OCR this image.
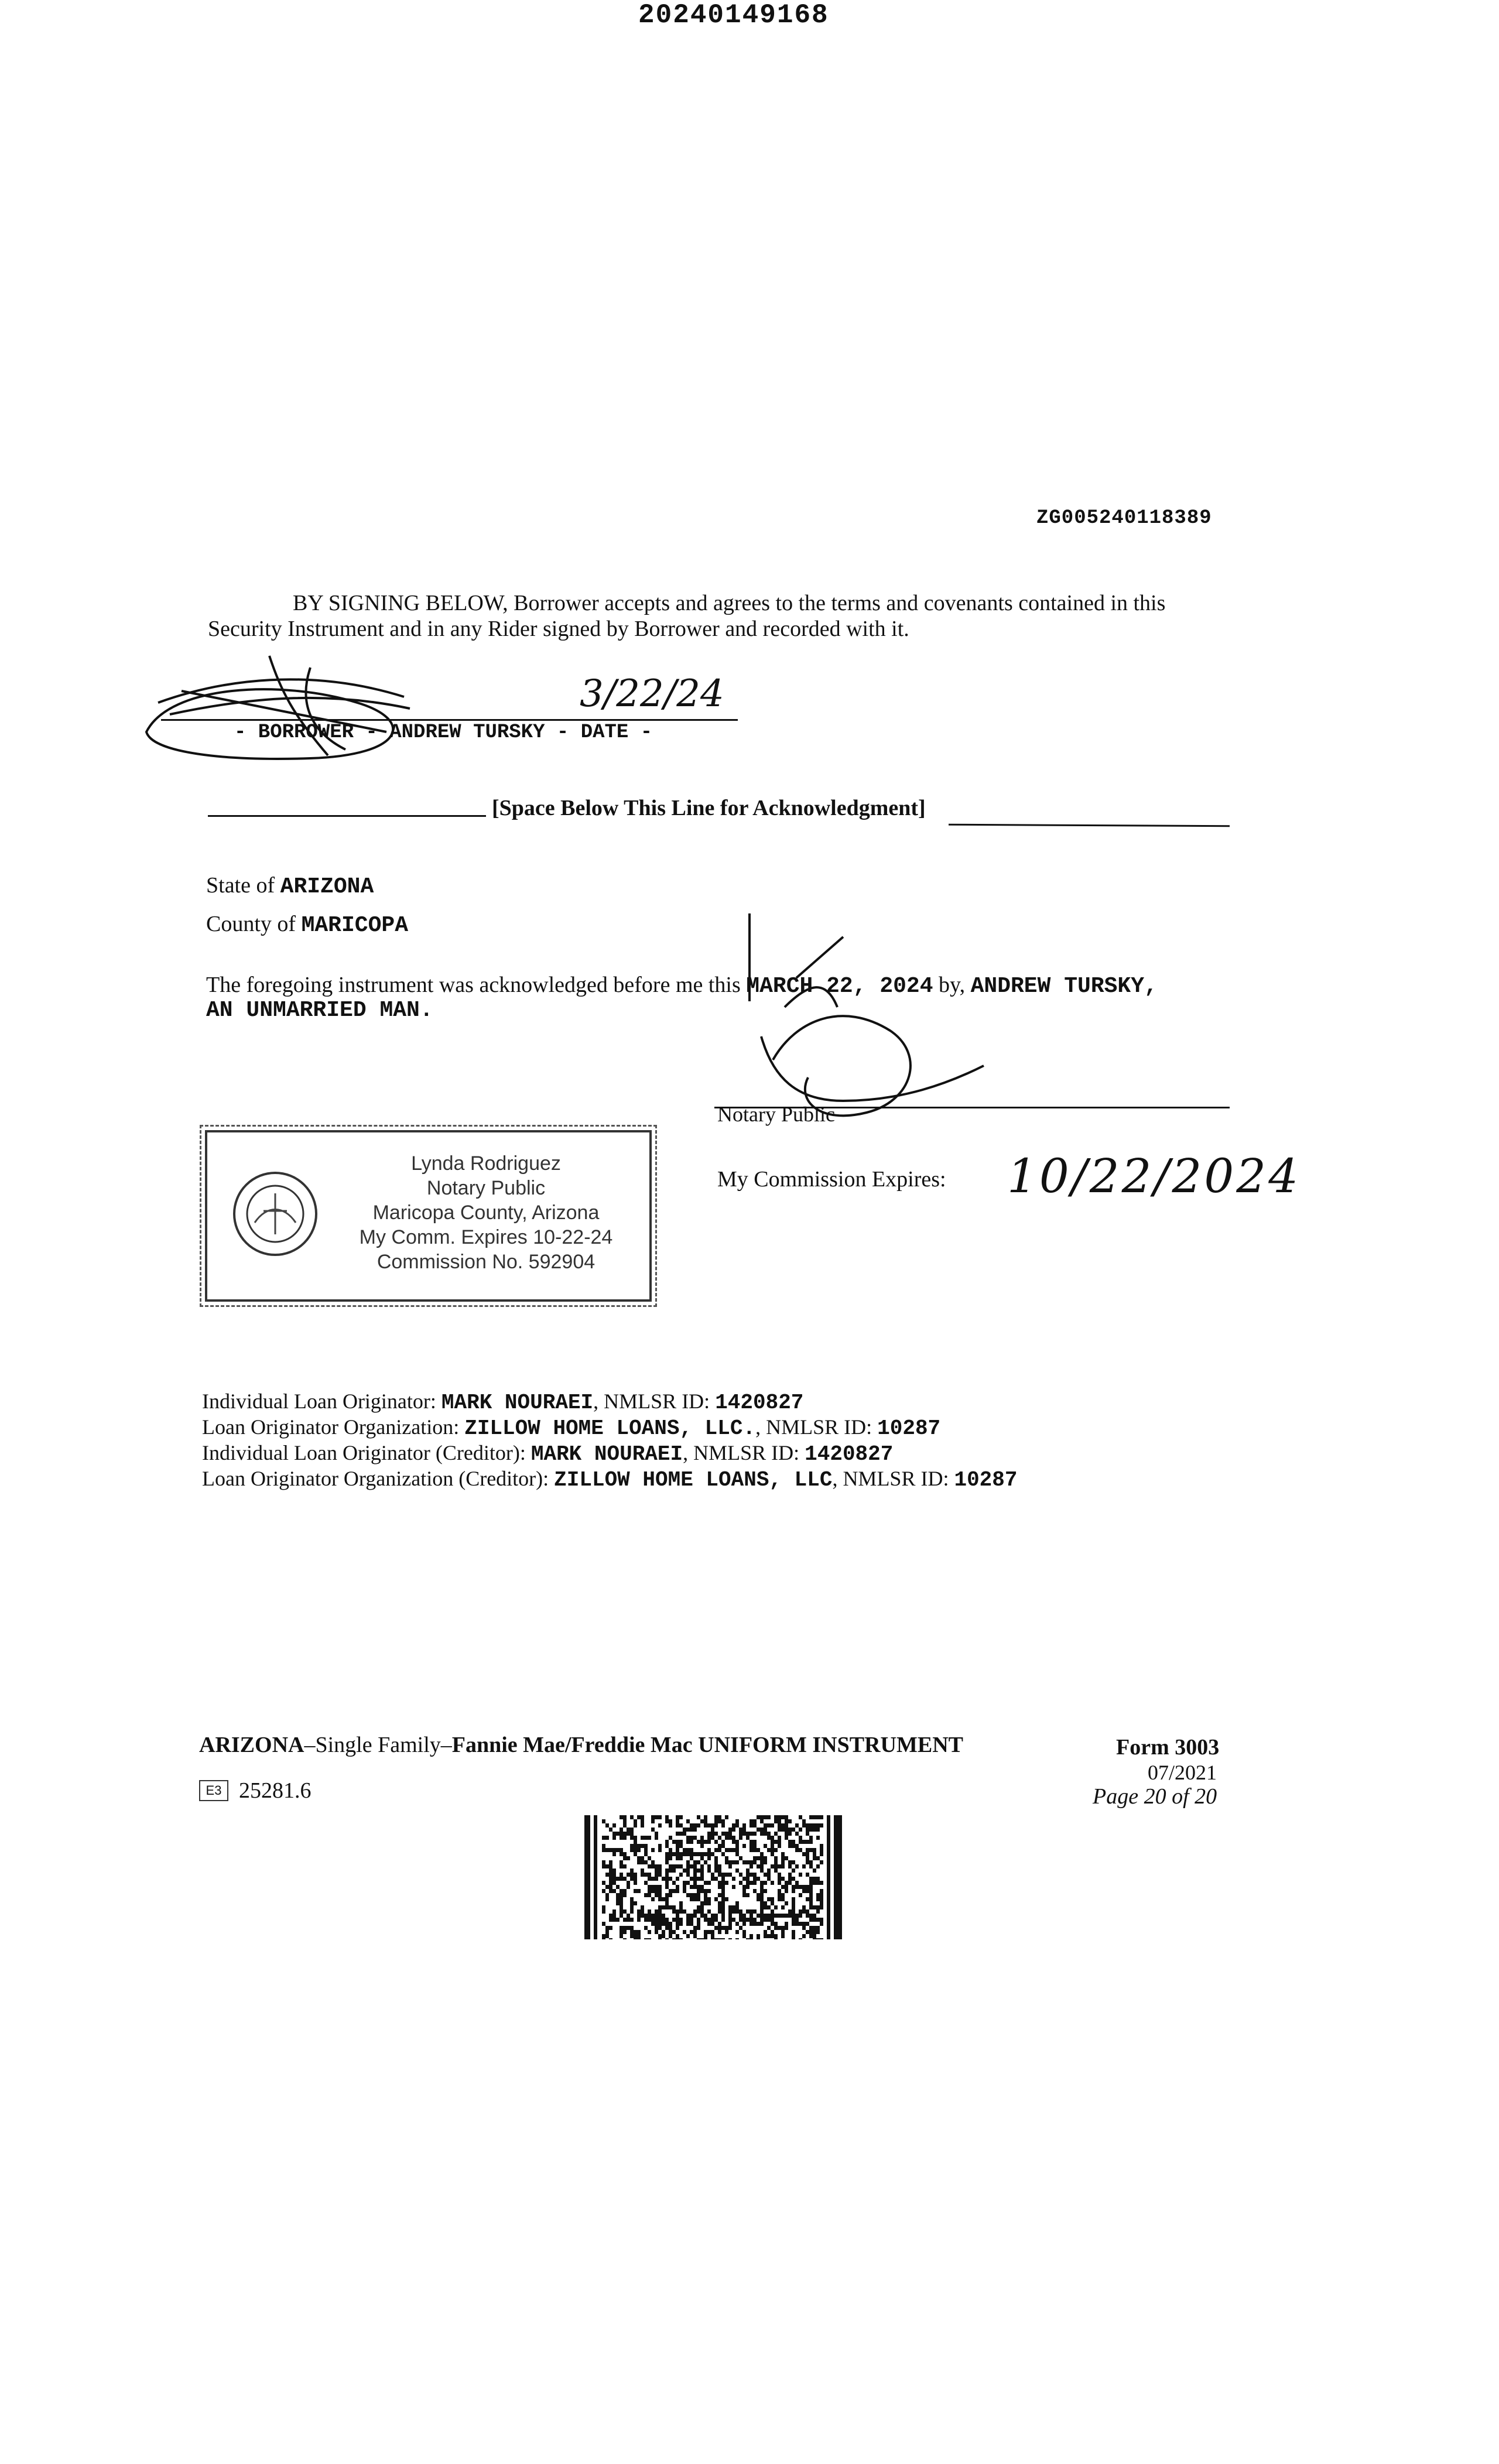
20240149168
ZG005240118389
BY SIGNING BELOW, Borrower accepts and agrees to the terms and covenants contained in this
Security Instrument and in any Rider signed by Borrower and recorded with it.
3/22/24
- BORROWER - ANDREW TURSKY - DATE -
[Space Below This Line for Acknowledgment]
State of ARIZONA
County of MARICOPA
The foregoing instrument was acknowledged before me this MARCH 22, 2024 by, ANDREW TURSKY,
AN UNMARRIED MAN.
Notary Public
My Commission Expires: 10/22/2024
Lynda Rodriguez
Notary Public
Maricopa County, Arizona
My Comm. Expires 10-22-24
Commission No. 592904
Individual Loan Originator: MARK NOURAEI, NMLSR ID: 1420827
Loan Originator Organization: ZILLOW HOME LOANS, LLC., NMLSR ID: 10287
Individual Loan Originator (Creditor): MARK NOURAEI, NMLSR ID: 1420827
Loan Originator Organization (Creditor): ZILLOW HOME LOANS, LLC, NMLSR ID: 10287
ARIZONA–Single Family–Fannie Mae/Freddie Mac UNIFORM INSTRUMENT	Form 3003
07/2021
Page 20 of 20
E3 25281.6
